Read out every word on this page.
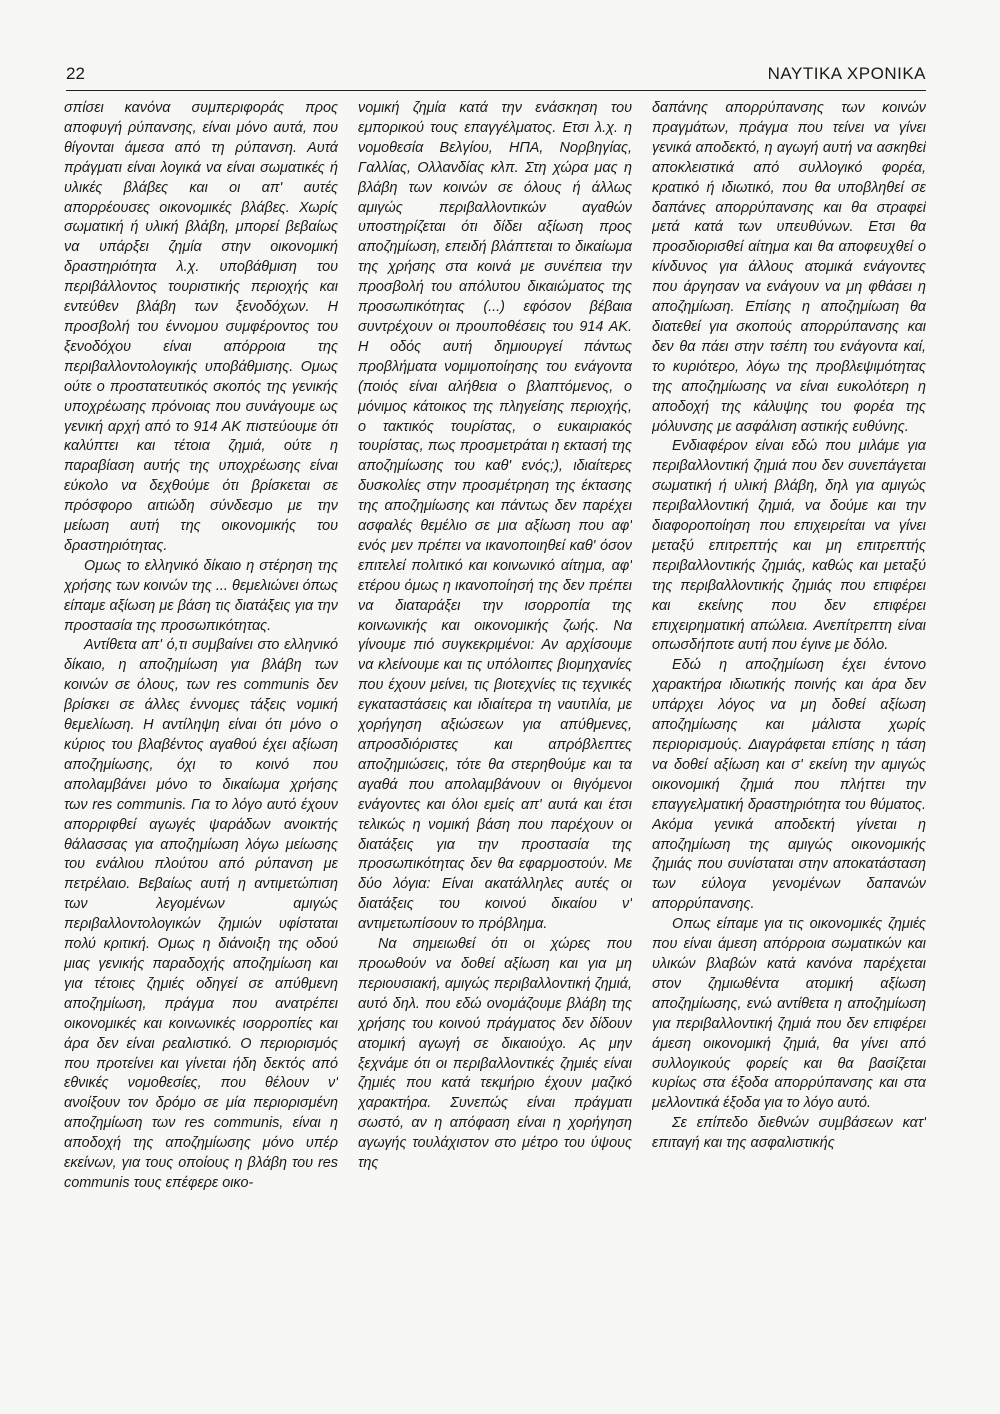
22	ΝΑΥΤΙΚΑ ΧΡΟΝΙΚΑ

σπίσει κανόνα συμπεριφοράς προς αποφυγή ρύπανσης, είναι μόνο αυτά, που θίγονται άμεσα από τη ρύπανση. Αυτά πράγματι είναι λογικά να είναι σωματικές ή υλικές βλάβες και οι απ' αυτές απορρέουσες οικονομικές βλάβες. Χωρίς σωματική ή υλική βλάβη, μπορεί βεβαίως να υπάρξει ζημία στην οικονομική δραστηριότητα λ.χ. υποβάθμιση του περιβάλλοντος τουριστικής περιοχής και εντεύθεν βλάβη των ξενοδόχων. Η προσβολή του έννομου συμφέροντος του ξενοδόχου είναι απόρροια της περιβαλλοντολογικής υποβάθμισης. Ομως ούτε ο προστατευτικός σκοπός της γενικής υποχρέωσης πρόνοιας που συνάγουμε ως γενική αρχή από το 914 ΑΚ πιστεύουμε ότι καλύπτει και τέτοια ζημιά, ούτε η παραβίαση αυτής της υποχρέωσης είναι εύκολο να δεχθούμε ότι βρίσκεται σε πρόσφορο αιτιώδη σύνδεσμο με την μείωση αυτή της οικονομικής του δραστηριότητας.

Ομως το ελληνικό δίκαιο η στέρηση της χρήσης των κοινών της ... θεμελιώνει όπως είπαμε αξίωση με βάση τις διατάξεις για την προστασία της προσωπικότητας.

Αντίθετα απ' ό,τι συμβαίνει στο ελληνικό δίκαιο, η αποζημίωση για βλάβη των κοινών σε όλους, των res communis δεν βρίσκει σε άλλες έννομες τάξεις νομική θεμελίωση. Η αντίληψη είναι ότι μόνο ο κύριος του βλαβέντος αγαθού έχει αξίωση αποζημίωσης, όχι το κοινό που απολαμβάνει μόνο το δικαίωμα χρήσης των res communis. Για το λόγο αυτό έχουν απορριφθεί αγωγές ψαράδων ανοικτής θάλασσας για αποζημίωση λόγω μείωσης του ενάλιου πλούτου από ρύπανση με πετρέλαιο. Βεβαίως αυτή η αντιμετώπιση των λεγομένων αμιγώς περιβαλλοντολογικών ζημιών υφίσταται πολύ κριτική. Ομως η διάνοιξη της οδού μιας γενικής παραδοχής αποζημίωση και για τέτοιες ζημιές οδηγεί σε απύθμενη αποζημίωση, πράγμα που ανατρέπει οικονομικές και κοινωνικές ισορροπίες και άρα δεν είναι ρεαλιστικό. Ο περιορισμός που προτείνει και γίνεται ήδη δεκτός από εθνικές νομοθεσίες, που θέλουν ν' ανοίξουν τον δρόμο σε μία περιορισμένη αποζημίωση των res communis, είναι η αποδοχή της αποζημίωσης μόνο υπέρ εκείνων, για τους οποίους η βλάβη του res communis τους επέφερε οικο-

νομική ζημία κατά την ενάσκηση του εμπορικού τους επαγγέλματος. Ετσι λ.χ. η νομοθεσία Βελγίου, ΗΠΑ, Νορβηγίας, Γαλλίας, Ολλανδίας κλπ. Στη χώρα μας η βλάβη των κοινών σε όλους ή άλλως αμιγώς περιβαλλοντικών αγαθών υποστηρίζεται ότι δίδει αξίωση προς αποζημίωση, επειδή βλάπτεται το δικαίωμα της χρήσης στα κοινά με συνέπεια την προσβολή του απόλυτου δικαιώματος της προσωπικότητας (...) εφόσον βέβαια συντρέχουν οι προυποθέσεις του 914 ΑΚ. Η οδός αυτή δημιουργεί πάντως προβλήματα νομιμοποίησης του ενάγοντα (ποιός είναι αλήθεια ο βλαπτόμενος, ο μόνιμος κάτοικος της πληγείσης περιοχής, ο τακτικός τουρίστας, ο ευκαιριακός τουρίστας, πως προσμετράται η εκτασή της αποζημίωσης του καθ' ενός;), ιδιαίτερες δυσκολίες στην προσμέτρηση της έκτασης της αποζημίωσης και πάντως δεν παρέχει ασφαλές θεμέλιο σε μια αξίωση που αφ' ενός μεν πρέπει να ικανοποιηθεί καθ' όσον επιτελεί πολιτικό και κοινωνικό αίτημα, αφ' ετέρου όμως η ικανοποίησή της δεν πρέπει να διαταράξει την ισορροπία της κοινωνικής και οικονομικής ζωής. Να γίνουμε πιό συγκεκριμένοι: Αν αρχίσουμε να κλείνουμε και τις υπόλοιπες βιομηχανίες που έχουν μείνει, τις βιοτεχνίες τις τεχνικές εγκαταστάσεις και ιδιαίτερα τη ναυτιλία, με χορήγηση αξιώσεων για απύθμενες, απροσδιόριστες και απρόβλεπτες αποζημιώσεις, τότε θα στερηθούμε και τα αγαθά που απολαμβάνουν οι θιγόμενοι ενάγοντες και όλοι εμείς απ' αυτά και έτσι τελικώς η νομική βάση που παρέχουν οι διατάξεις για την προστασία της προσωπικότητας δεν θα εφαρμοστούν. Με δύο λόγια: Είναι ακατάλληλες αυτές οι διατάξεις του κοινού δικαίου ν' αντιμετωπίσουν το πρόβλημα.

Να σημειωθεί ότι οι χώρες που προωθούν να δοθεί αξίωση και για μη περιουσιακή, αμιγώς περιβαλλοντική ζημιά, αυτό δηλ. που εδώ ονομάζουμε βλάβη της χρήσης του κοινού πράγματος δεν δίδουν ατομική αγωγή σε δικαιούχο. Ας μην ξεχνάμε ότι οι περιβαλλοντικές ζημιές είναι ζημιές που κατά τεκμήριο έχουν μαζικό χαρακτήρα. Συνεπώς είναι πράγματι σωστό, αν η απόφαση είναι η χορήγηση αγωγής τουλάχιστον στο μέτρο του ύψους της

δαπάνης απορρύπανσης των κοινών πραγμάτων, πράγμα που τείνει να γίνει γενικά αποδεκτό, η αγωγή αυτή να ασκηθεί αποκλειστικά από συλλογικό φορέα, κρατικό ή ιδιωτικό, που θα υποβληθεί σε δαπάνες απορρύπανσης και θα στραφεί μετά κατά των υπευθύνων. Ετσι θα προσδιορισθεί αίτημα και θα αποφευχθεί ο κίνδυνος για άλλους ατομικά ενάγοντες που άργησαν να ενάγουν να μη φθάσει η αποζημίωση. Επίσης η αποζημίωση θα διατεθεί για σκοπούς απορρύπανσης και δεν θα πάει στην τσέπη του ενάγοντα καί, το κυριότερο, λόγω της προβλεψιμότητας της αποζημίωσης να είναι ευκολότερη η αποδοχή της κάλυψης του φορέα της μόλυνσης με ασφάλιση αστικής ευθύνης.

Ενδιαφέρον είναι εδώ που μιλάμε για περιβαλλοντική ζημιά που δεν συνεπάγεται σωματική ή υλική βλάβη, δηλ για αμιγώς περιβαλλοντική ζημιά, να δούμε και την διαφοροποίηση που επιχειρείται να γίνει μεταξύ επιτρεπτής και μη επιτρεπτής περιβαλλοντικής ζημιάς, καθώς και μεταξύ της περιβαλλοντικής ζημιάς που επιφέρει και εκείνης που δεν επιφέρει επιχειρηματική απώλεια. Ανεπίτρεπτη είναι οπωσδήποτε αυτή που έγινε με δόλο.

Εδώ η αποζημίωση έχει έντονο χαρακτήρα ιδιωτικής ποινής και άρα δεν υπάρχει λόγος να μη δοθεί αξίωση αποζημίωσης και μάλιστα χωρίς περιορισμούς. Διαγράφεται επίσης η τάση να δοθεί αξίωση και σ' εκείνη την αμιγώς οικονομική ζημιά που πλήττει την επαγγελματική δραστηριότητα του θύματος. Ακόμα γενικά αποδεκτή γίνεται η αποζημίωση της αμιγώς οικονομικής ζημιάς που συνίσταται στην αποκατάσταση των εύλογα γενομένων δαπανών απορρύπανσης.

Οπως είπαμε για τις οικονομικές ζημιές που είναι άμεση απόρροια σωματικών και υλικών βλαβών κατά κανόνα παρέχεται στον ζημιωθέντα ατομική αξίωση αποζημίωσης, ενώ αντίθετα η αποζημίωση για περιβαλλοντική ζημιά που δεν επιφέρει άμεση οικονομική ζημιά, θα γίνει από συλλογικούς φορείς και θα βασίζεται κυρίως στα έξοδα απορρύπανσης και στα μελλοντικά έξοδα για το λόγο αυτό.

Σε επίπεδο διεθνών συμβάσεων κατ' επιταγή και της ασφαλιστικής
